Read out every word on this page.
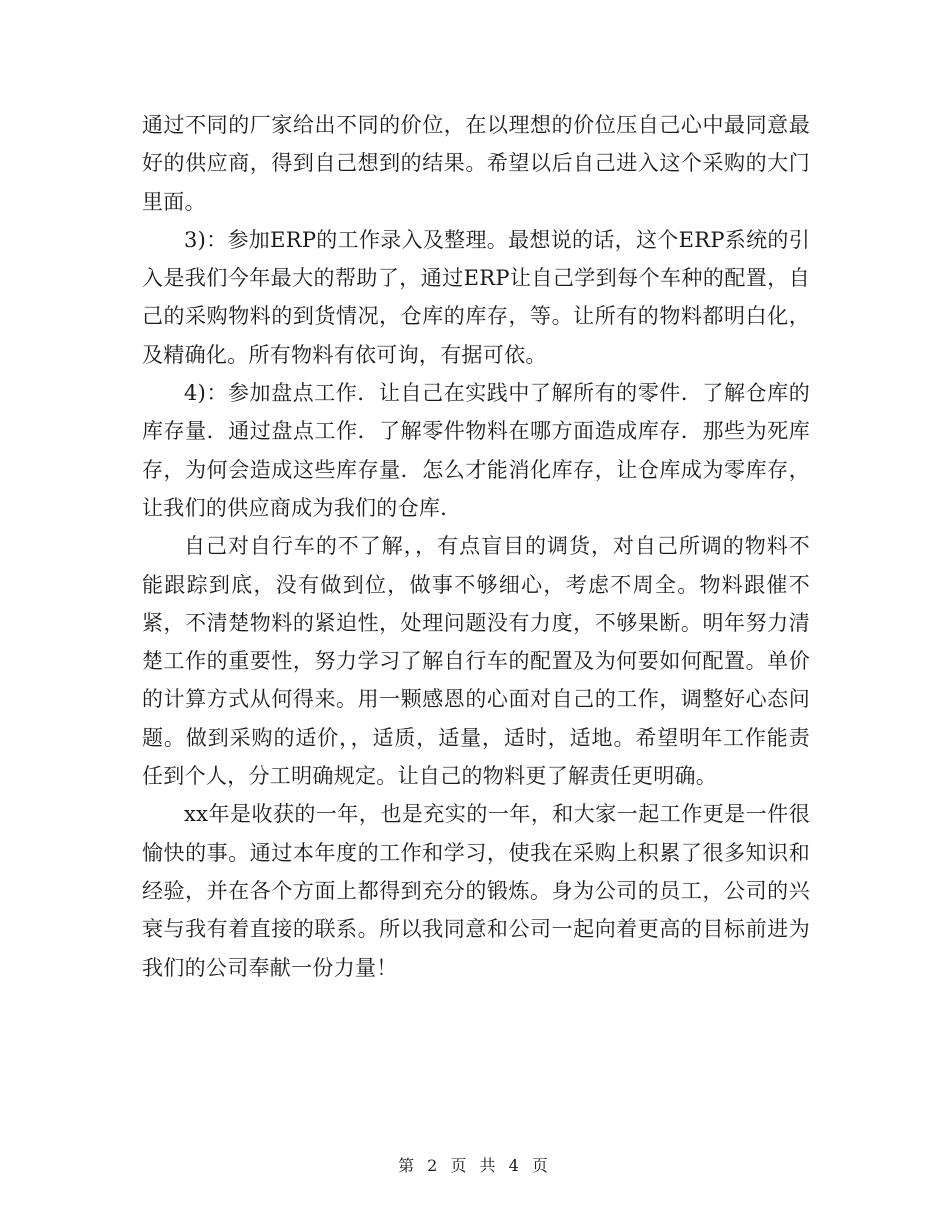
通过不同的厂家给出不同的价位，在以理想的价位压自己心中最同意最好的供应商，得到自己想到的结果。希望以后自己进入这个采购的大门里面。

3)：参加ERP的工作录入及整理。最想说的话，这个ERP系统的引入是我们今年最大的帮助了，通过ERP让自己学到每个车种的配置，自己的采购物料的到货情况，仓库的库存，等。让所有的物料都明白化，及精确化。所有物料有依可询，有据可依。

4)：参加盘点工作．让自己在实践中了解所有的零件．了解仓库的库存量．通过盘点工作．了解零件物料在哪方面造成库存．那些为死库存，为何会造成这些库存量．怎么才能消化库存，让仓库成为零库存，让我们的供应商成为我们的仓库．

自己对自行车的不了解，，有点盲目的调货，对自己所调的物料不能跟踪到底，没有做到位，做事不够细心，考虑不周全。物料跟催不紧，不清楚物料的紧迫性，处理问题没有力度，不够果断。明年努力清楚工作的重要性，努力学习了解自行车的配置及为何要如何配置。单价的计算方式从何得来。用一颗感恩的心面对自己的工作，调整好心态问题。做到采购的适价，，适质，适量，适时，适地。希望明年工作能责任到个人，分工明确规定。让自己的物料更了解责任更明确。

xx年是收获的一年，也是充实的一年，和大家一起工作更是一件很愉快的事。通过本年度的工作和学习，使我在采购上积累了很多知识和经验，并在各个方面上都得到充分的锻炼。身为公司的员工，公司的兴衰与我有着直接的联系。所以我同意和公司一起向着更高的目标前进为我们的公司奉献一份力量！

第 2 页 共 4 页
